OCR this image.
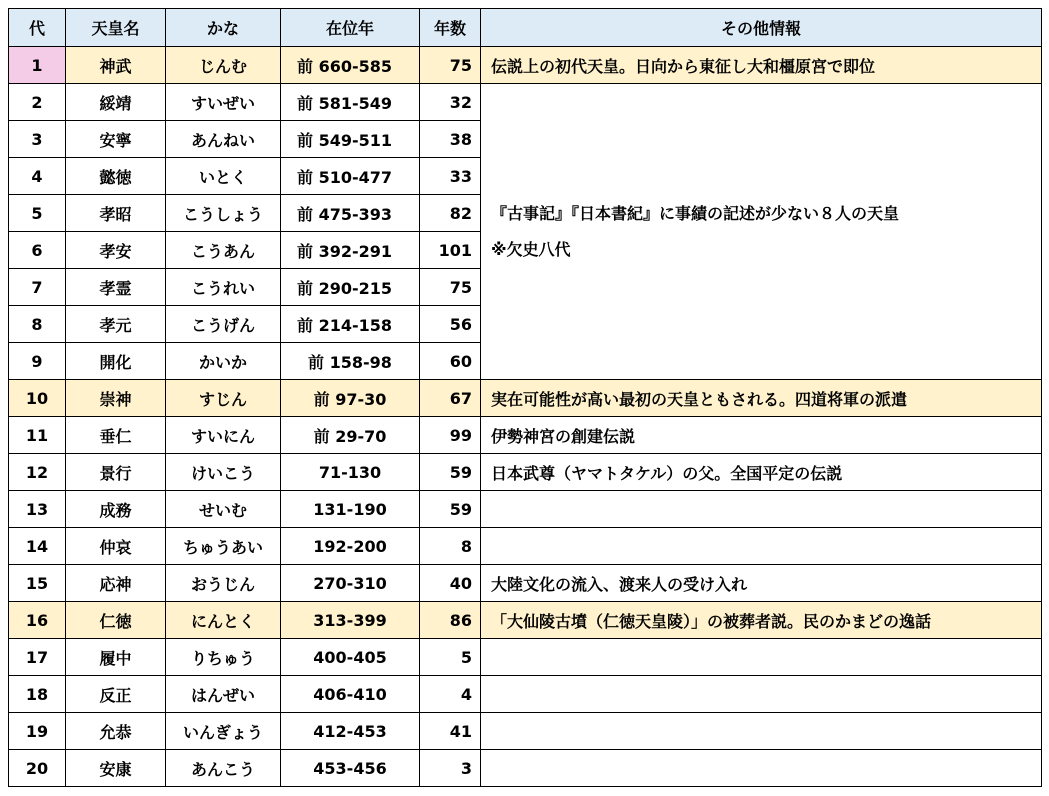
代	天皇名	かな	在位年	年数	その他情報
1	神武	じんむ	前 660-585	75	伝説上の初代天皇。日向から東征し大和橿原宮で即位
2	綏靖	すいぜい	前 581-549	32	『古事記』『日本書紀』に事績の記述が少ない８人の天皇
※欠史八代

3	安寧	あんねい	前 549-511	38	
4	懿徳	いとく	前 510-477	33	
5	孝昭	こうしょう	前 475-393	82	
6	孝安	こうあん	前 392-291	101	
7	孝霊	こうれい	前 290-215	75	
8	孝元	こうげん	前 214-158	56	
9	開化	かいか	前 158-98	60	
10	崇神	すじん	前 97-30	67	実在可能性が高い最初の天皇ともされる。四道将軍の派遣
11	垂仁	すいにん	前 29-70	99	伊勢神宮の創建伝説
12	景行	けいこう	71-130	59	日本武尊（ヤマトタケル）の父。全国平定の伝説
13	成務	せいむ	131-190	59	
14	仲哀	ちゅうあい	192-200	8	
15	応神	おうじん	270-310	40	大陸文化の流入、渡来人の受け入れ
16	仁徳	にんとく	313-399	86	「大仙陵古墳（仁徳天皇陵）」の被葬者説。民のかまどの逸話
17	履中	りちゅう	400-405	5	
18	反正	はんぜい	406-410	4	
19	允恭	いんぎょう	412-453	41	
20	安康	あんこう	453-456	3	
